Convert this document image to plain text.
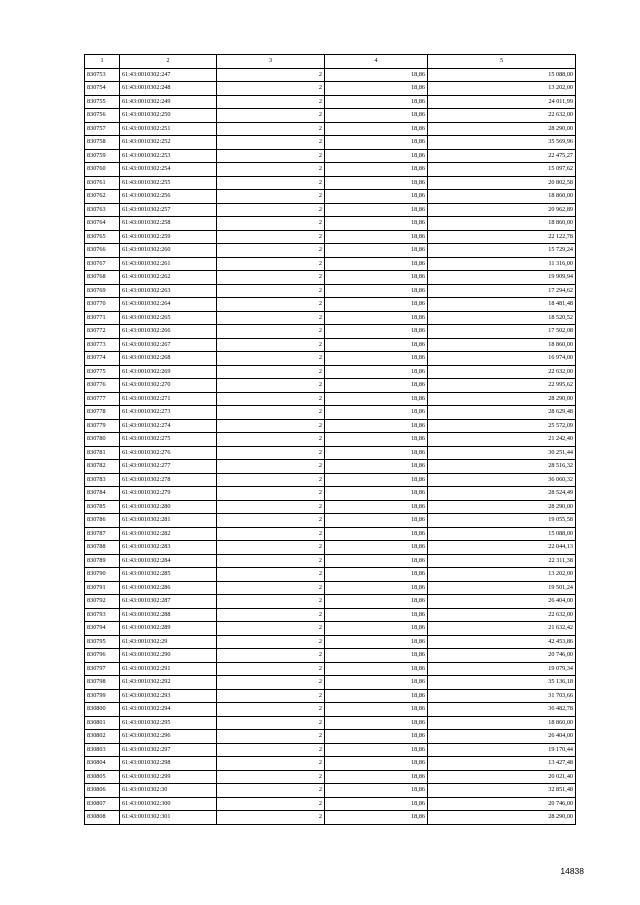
1	2	3	4	5
830753	61:43:0010302:247	2	18,86	15 088,00
830754	61:43:0010302:248	2	18,86	13 202,00
830755	61:43:0010302:249	2	18,86	24 011,99
830756	61:43:0010302:250	2	18,86	22 632,00
830757	61:43:0010302:251	2	18,86	28 290,00
830758	61:43:0010302:252	2	18,86	35 569,96
830759	61:43:0010302:253	2	18,86	22 475,27
830760	61:43:0010302:254	2	18,86	15 097,62
830761	61:43:0010302:255	2	18,86	20 802,58
830762	61:43:0010302:256	2	18,86	18 860,00
830763	61:43:0010302:257	2	18,86	20 962,89
830764	61:43:0010302:258	2	18,86	18 860,00
830765	61:43:0010302:259	2	18,86	22 122,78
830766	61:43:0010302:260	2	18,86	15 729,24
830767	61:43:0010302:261	2	18,86	11 316,00
830768	61:43:0010302:262	2	18,86	19 909,94
830769	61:43:0010302:263	2	18,86	17 294,62
830770	61:43:0010302:264	2	18,86	18 481,48
830771	61:43:0010302:265	2	18,86	18 520,52
830772	61:43:0010302:266	2	18,86	17 502,08
830773	61:43:0010302:267	2	18,86	18 860,00
830774	61:43:0010302:268	2	18,86	16 974,00
830775	61:43:0010302:269	2	18,86	22 632,00
830776	61:43:0010302:270	2	18,86	22 995,62
830777	61:43:0010302:271	2	18,86	28 290,00
830778	61:43:0010302:273	2	18,86	28 629,48
830779	61:43:0010302:274	2	18,86	25 572,09
830780	61:43:0010302:275	2	18,86	21 242,40
830781	61:43:0010302:276	2	18,86	30 251,44
830782	61:43:0010302:277	2	18,86	28 516,32
830783	61:43:0010302:278	2	18,86	36 060,32
830784	61:43:0010302:279	2	18,86	28 524,49
830785	61:43:0010302:280	2	18,86	28 290,00
830786	61:43:0010302:281	2	18,86	19 055,58
830787	61:43:0010302:282	2	18,86	15 088,00
830788	61:43:0010302:283	2	18,86	22 044,13
830789	61:43:0010302:284	2	18,86	22 311,38
830790	61:43:0010302:285	2	18,86	13 202,00
830791	61:43:0010302:286	2	18,86	19 501,24
830792	61:43:0010302:287	2	18,86	26 404,00
830793	61:43:0010302:288	2	18,86	22 632,00
830794	61:43:0010302:289	2	18,86	21 632,42
830795	61:43:0010302:29	2	18,86	42 453,86
830796	61:43:0010302:290	2	18,86	20 746,00
830797	61:43:0010302:291	2	18,86	19 079,34
830798	61:43:0010302:292	2	18,86	35 136,18
830799	61:43:0010302:293	2	18,86	31 703,66
830800	61:43:0010302:294	2	18,86	36 482,78
830801	61:43:0010302:295	2	18,86	18 860,00
830802	61:43:0010302:296	2	18,86	26 404,00
830803	61:43:0010302:297	2	18,86	19 170,44
830804	61:43:0010302:298	2	18,86	13 427,48
830805	61:43:0010302:299	2	18,86	20 021,40
830806	61:43:0010302:30	2	18,86	32 851,48
830807	61:43:0010302:300	2	18,86	20 746,00
830808	61:43:0010302:301	2	18,86	28 290,00
14838
